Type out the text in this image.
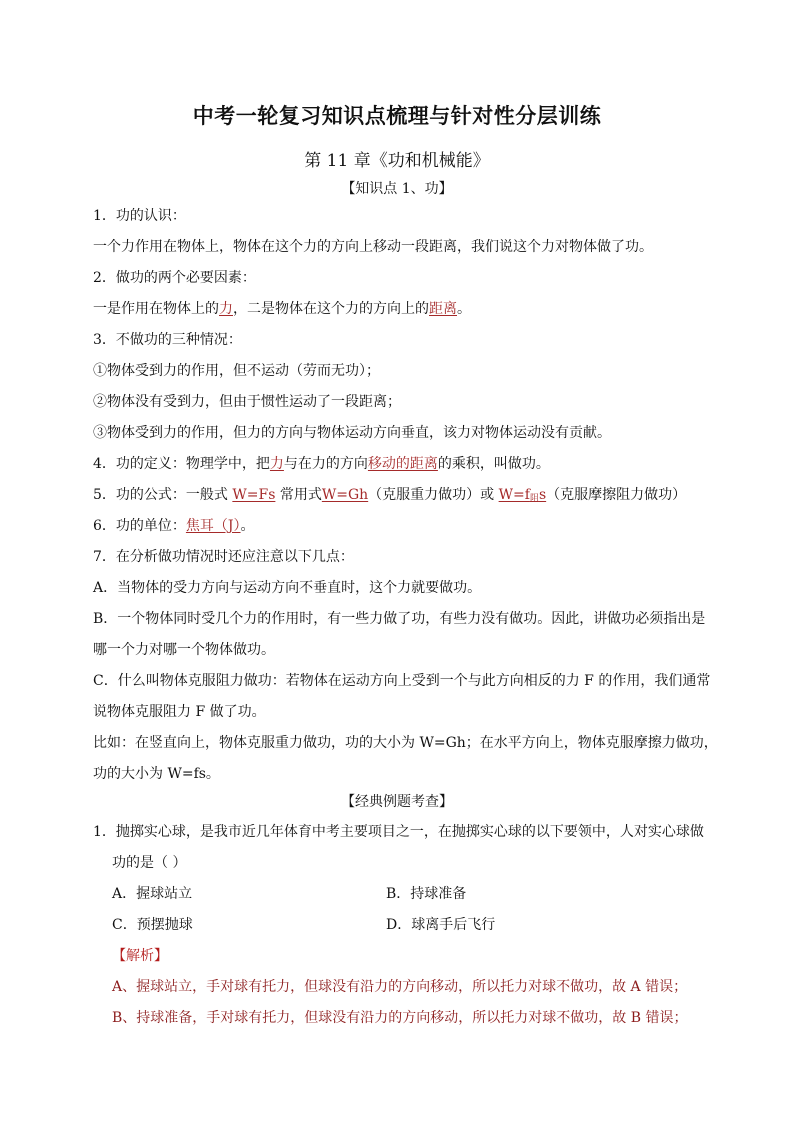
中考一轮复习知识点梳理与针对性分层训练
第 11 章《功和机械能》
【知识点 1、功】
1．功的认识：
一个力作用在物体上，物体在这个力的方向上移动一段距离，我们说这个力对物体做了功。
2．做功的两个必要因素：
一是作用在物体上的力，二是物体在这个力的方向上的距离。
3．不做功的三种情况：
①物体受到力的作用，但不运动（劳而无功）；
②物体没有受到力，但由于惯性运动了一段距离；
③物体受到力的作用，但力的方向与物体运动方向垂直，该力对物体运动没有贡献。
4．功的定义：物理学中，把力与在力的方向移动的距离的乘积，叫做功。
5．功的公式：一般式 W=Fs 常用式W=Gh（克服重力做功）或 $W=f_阻s$（克服摩擦阻力做功）
6．功的单位：焦耳（J）。
7．在分析做功情况时还应注意以下几点：
A．当物体的受力方向与运动方向不垂直时，这个力就要做功。
B．一个物体同时受几个力的作用时，有一些力做了功，有些力没有做功。因此，讲做功必须指出是
哪一个力对哪一个物体做功。
C．什么叫物体克服阻力做功：若物体在运动方向上受到一个与此方向相反的力 F 的作用，我们通常
说物体克服阻力 F 做了功。
比如：在竖直向上，物体克服重力做功，功的大小为 W=Gh；在水平方向上，物体克服摩擦力做功，
功的大小为 W=fs。
【经典例题考查】
1．抛掷实心球，是我市近几年体育中考主要项目之一，在抛掷实心球的以下要领中，人对实心球做
功的是（ ）
A．握球站立	B．持球准备
C．预摆抛球	D．球离手后飞行
【解析】
A、握球站立，手对球有托力，但球没有沿力的方向移动，所以托力对球不做功，故 A 错误；
B、持球准备，手对球有托力，但球没有沿力的方向移动，所以托力对球不做功，故 B 错误；
